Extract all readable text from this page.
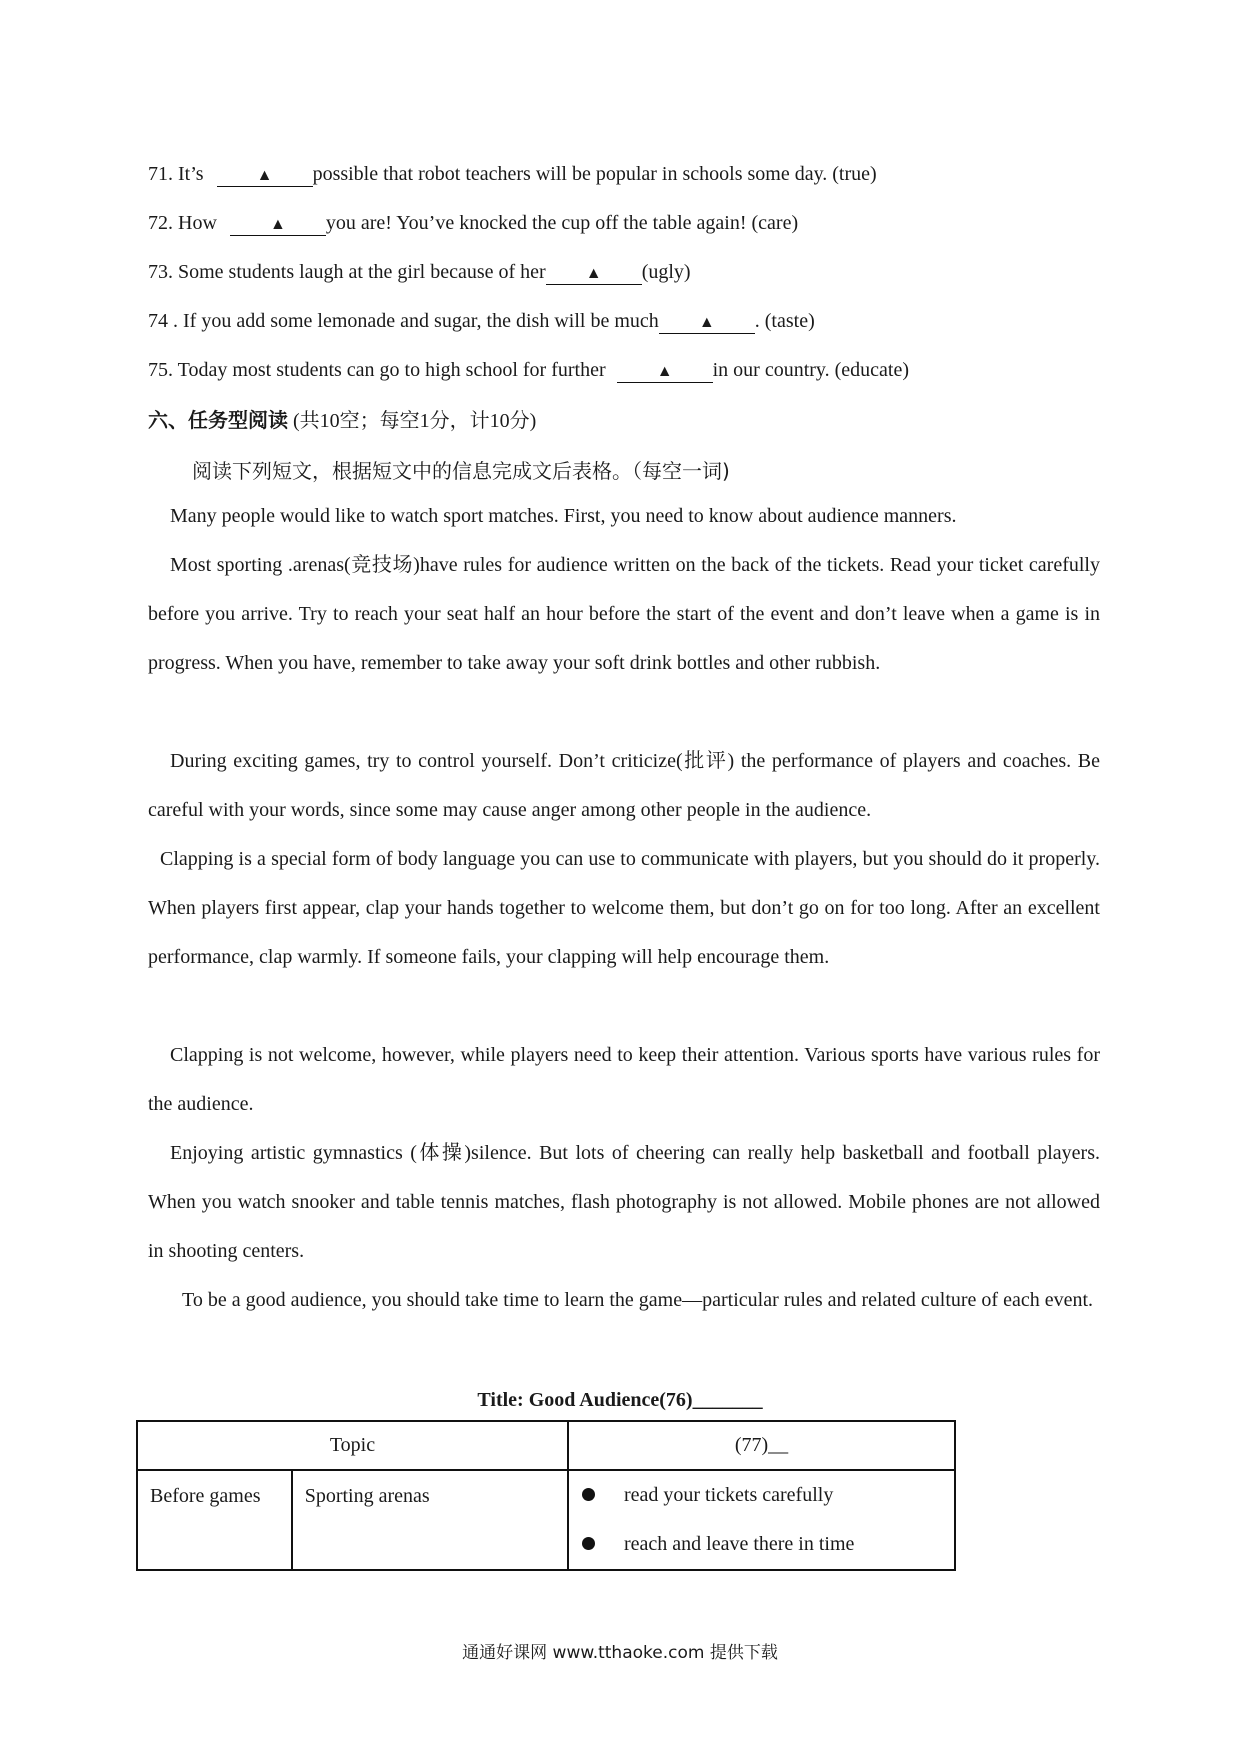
71. It’s	▲ possible that robot teachers will be popular in schools some day. (true)
72. How	▲ you are! You’ve knocked the cup off the table again! (care)
73. Some students laugh at the girl because of her	▲ (ugly)
74 . If you add some lemonade and sugar, the dish will be much	▲ . (taste)
75. Today most students can go to high school for further	▲ in our country. (educate)
六、任务型阅读 (共10空；每空1分，计10分)
阅读下列短文，根据短文中的信息完成文后表格。（每空一词)
Many people would like to watch sport matches. First, you need to know about audience manners.
Most sporting .arenas(竞技场)have rules for audience written on the back of the tickets. Read your ticket carefully before you arrive. Try to reach your seat half an hour before the start of the event and don’t leave when a game is in progress. When you have, remember to take away your soft drink bottles and other rubbish.
During exciting games, try to control yourself. Don’t criticize(批评) the performance of players and coaches. Be careful with your words, since some may cause anger among other people in the audience.
Clapping is a special form of body language you can use to communicate with players, but you should do it properly. When players first appear, clap your hands together to welcome them, but don’t go on for too long. After an excellent performance, clap warmly. If someone fails, your clapping will help encourage them.
Clapping is not welcome, however, while players need to keep their attention. Various sports have various rules for the audience.
Enjoying artistic gymnastics (体操)silence. But lots of cheering can really help basketball and football players. When you watch snooker and table tennis matches, flash photography is not allowed. Mobile phones are not allowed in shooting centers.
To be a good audience, you should take time to learn the game—particular rules and related culture of each event.
Title: Good Audience(76)_______
Topic		(77)__

Before games	Sporting arenas	read your tickets carefully
reach and leave there in time
通通好课网 www.tthaoke.com 提供下载
